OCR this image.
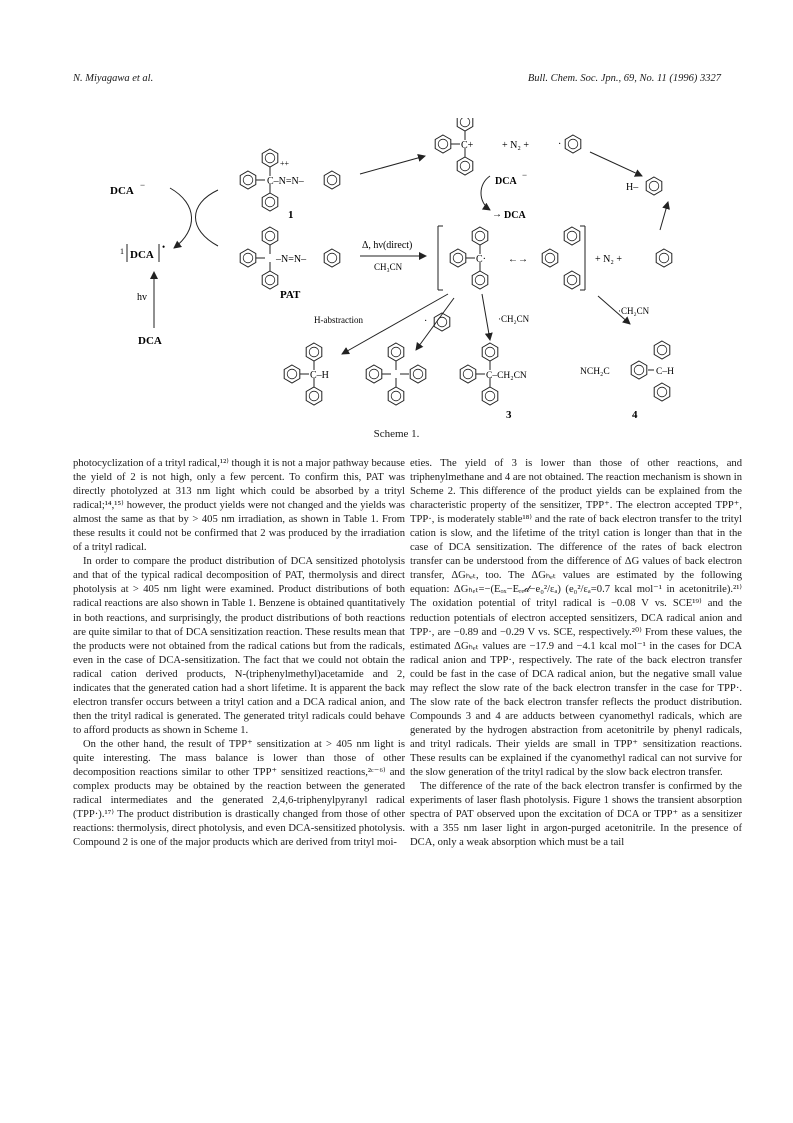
N. Miyagawa et al.	Bull. Chem. Soc. Jpn., 69, No. 11 (1996) 3327
DCA −
DCA
1	•
hv
DCA
C–N=N–
++
1
–N=N–
PAT
C+	+ N₂ +	·
H–
DCA
−
→ DCA
Δ, hν(direct)
CH₃CN
C· ←→	+ N₂ +
H-abstraction	·	·CH₂CN
·CH₂CN
C–H	C–CH₂CN
3
NCH₂C	C–H
4
Scheme 1.

photocyclization of a trityl radical,¹²⁾ though it is not a major pathway because the yield of 2 is not high, only a few percent. To confirm this, PAT was directly photolyzed at 313 nm light which could be absorbed by a trityl radical;¹⁴,¹⁵⁾ however, the product yields were not changed and the yields was almost the same as that by > 405 nm irradiation, as shown in Table 1. From these results it could not be confirmed that 2 was produced by the irradiation of a trityl radical.

In order to compare the product distribution of DCA sensitized photolysis and that of the typical radical decomposition of PAT, thermolysis and direct photolysis at > 405 nm light were examined. Product distributions of both radical reactions are also shown in Table 1. Benzene is obtained quantitatively in both reactions, and surprisingly, the product distributions of both reactions are quite similar to that of DCA sensitization reaction. These results mean that the products were not obtained from the radical cations but from the radicals, even in the case of DCA-sensitization. The fact that we could not obtain the radical cation derived products, N-(triphenylmethyl)acetamide and 2, indicates that the generated cation had a short lifetime. It is apparent the back electron transfer occurs between a trityl cation and a DCA radical anion, and then the trityl radical is generated. The generated trityl radicals could behave to afford products as shown in Scheme 1.

On the other hand, the result of TPP⁺ sensitization at > 405 nm light is quite interesting. The mass balance is lower than those of other decomposition reactions similar to other TPP⁺ sensitized reactions,²ᶜ⁻⁶⁾ and complex products may be obtained by the reaction between the generated radical intermediates and the generated 2,4,6-triphenylpyranyl radical (TPP·).¹⁷⁾ The product distribution is drastically changed from those of other reactions: thermolysis, direct photolysis, and even DCA-sensitized photolysis. Compound 2 is one of the major products which are derived from trityl moi-

eties. The yield of 3 is lower than those of other reactions, and triphenylmethane and 4 are not obtained. The reaction mechanism is shown in Scheme 2. This difference of the product yields can be explained from the characteristic property of the sensitizer, TPP⁺. The electron accepted TPP⁺, TPP·, is moderately stable¹⁸⁾ and the rate of back electron transfer to the trityl cation is slow, and the lifetime of the trityl cation is longer than that in the case of DCA sensitization. The difference of the rates of back electron transfer can be understood from the difference of ΔG values of back electron transfer, ΔGₕₑₜ, too. The ΔGₕₑₜ values are estimated by the following equation: ΔGₕₑₜ=−(Eₒₓ−Eᵣₑ𝒹−e₀²/εₐ) (e₀²/εₐ=0.7 kcal mol⁻¹ in acetonitrile).²¹⁾ The oxidation potential of trityl radical is −0.08 V vs. SCE¹⁹⁾ and the reduction potentials of electron accepted sensitizers, DCA radical anion and TPP·, are −0.89 and −0.29 V vs. SCE, respectively.²⁰⁾ From these values, the estimated ΔGₕₑₜ values are −17.9 and −4.1 kcal mol⁻¹ in the cases for DCA radical anion and TPP·, respectively. The rate of the back electron transfer could be fast in the case of DCA radical anion, but the negative small value may reflect the slow rate of the back electron transfer in the case for TPP·. The slow rate of the back electron transfer reflects the product distribution. Compounds 3 and 4 are adducts between cyanomethyl radicals, which are generated by the hydrogen abstraction from acetonitrile by phenyl radicals, and trityl radicals. Their yields are small in TPP⁺ sensitization reactions. These results can be explained if the cyanomethyl radical can not survive for the slow generation of the trityl radical by the slow back electron transfer.

The difference of the rate of the back electron transfer is confirmed by the experiments of laser flash photolysis. Figure 1 shows the transient absorption spectra of PAT observed upon the excitation of DCA or TPP⁺ as a sensitizer with a 355 nm laser light in argon-purged acetonitrile. In the presence of DCA, only a weak absorption which must be a tail
